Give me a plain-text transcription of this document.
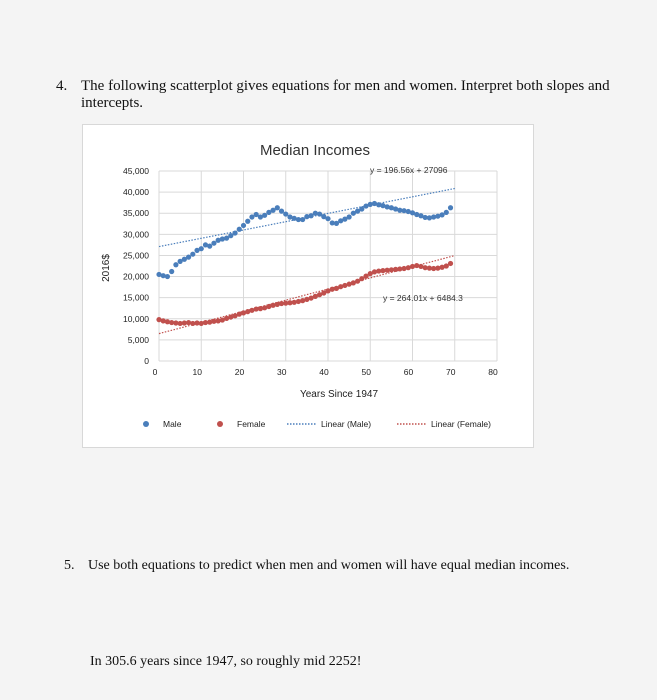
4. The following scatterplot gives equations for men and women. Interpret both slopes and intercepts.
0
5,000
10,000
15,000
20,000
25,000
30,000
35,000
40,000
45,000
0	10	20	30	40	50	60	70	80
Median Incomes
2016$
Years Since 1947
y = 196.56x + 27096
y = 264.01x + 6484.3
Male	Female	Linear (Male)	Linear (Female)
5. Use both equations to predict when men and women will have equal median incomes.
In 305.6 years since 1947, so roughly mid 2252!
